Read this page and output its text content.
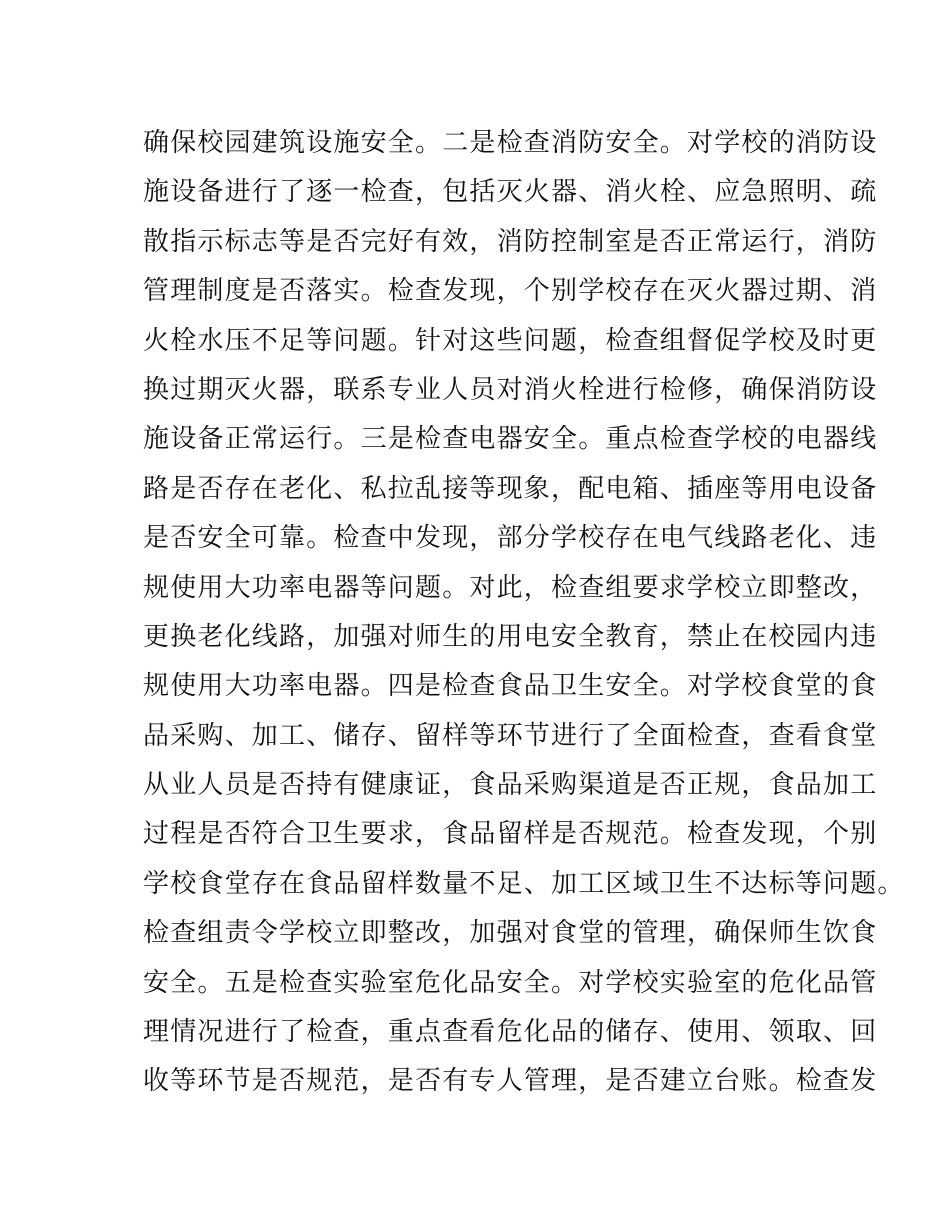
确保校园建筑设施安全。二是检查消防安全。对学校的消防设
施设备进行了逐一检查，包括灭火器、消火栓、应急照明、疏
散指示标志等是否完好有效，消防控制室是否正常运行，消防
管理制度是否落实。检查发现，个别学校存在灭火器过期、消
火栓水压不足等问题。针对这些问题，检查组督促学校及时更
换过期灭火器，联系专业人员对消火栓进行检修，确保消防设
施设备正常运行。三是检查电器安全。重点检查学校的电器线
路是否存在老化、私拉乱接等现象，配电箱、插座等用电设备
是否安全可靠。检查中发现，部分学校存在电气线路老化、违
规使用大功率电器等问题。对此，检查组要求学校立即整改，
更换老化线路，加强对师生的用电安全教育，禁止在校园内违
规使用大功率电器。四是检查食品卫生安全。对学校食堂的食
品采购、加工、储存、留样等环节进行了全面检查，查看食堂
从业人员是否持有健康证，食品采购渠道是否正规，食品加工
过程是否符合卫生要求，食品留样是否规范。检查发现，个别
学校食堂存在食品留样数量不足、加工区域卫生不达标等问题。
检查组责令学校立即整改，加强对食堂的管理，确保师生饮食
安全。五是检查实验室危化品安全。对学校实验室的危化品管
理情况进行了检查，重点查看危化品的储存、使用、领取、回
收等环节是否规范，是否有专人管理，是否建立台账。检查发
